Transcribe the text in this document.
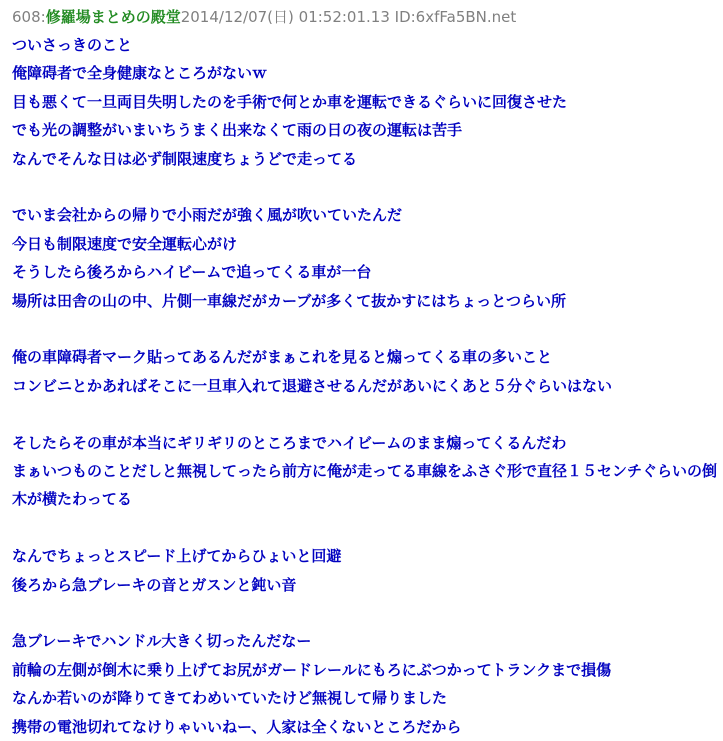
608:修羅場まとめの殿堂2014/12/07(日) 01:52:01.13 ID:6xfFa5BN.net
ついさっきのこと
俺障碍者で全身健康なところがないｗ
目も悪くて一旦両目失明したのを手術で何とか車を運転できるぐらいに回復させた
でも光の調整がいまいちうまく出来なくて雨の日の夜の運転は苦手
なんでそんな日は必ず制限速度ちょうどで走ってる
でいま会社からの帰りで小雨だが強く風が吹いていたんだ
今日も制限速度で安全運転心がけ
そうしたら後ろからハイビームで追ってくる車が一台
場所は田舎の山の中、片側一車線だがカーブが多くて抜かすにはちょっとつらい所
俺の車障碍者マーク貼ってあるんだがまぁこれを見ると煽ってくる車の多いこと
コンビニとかあればそこに一旦車入れて退避させるんだがあいにくあと５分ぐらいはない
そしたらその車が本当にギリギリのところまでハイビームのまま煽ってくるんだわ
まぁいつものことだしと無視してったら前方に俺が走ってる車線をふさぐ形で直径１５センチぐらいの倒木が横たわってる
なんでちょっとスピード上げてからひょいと回避
後ろから急ブレーキの音とガスンと鈍い音
急ブレーキでハンドル大きく切ったんだなー
前輪の左側が倒木に乗り上げてお尻がガードレールにもろにぶつかってトランクまで損傷
なんか若いのが降りてきてわめいていたけど無視して帰りました
携帯の電池切れてなけりゃいいねー、人家は全くないところだから
